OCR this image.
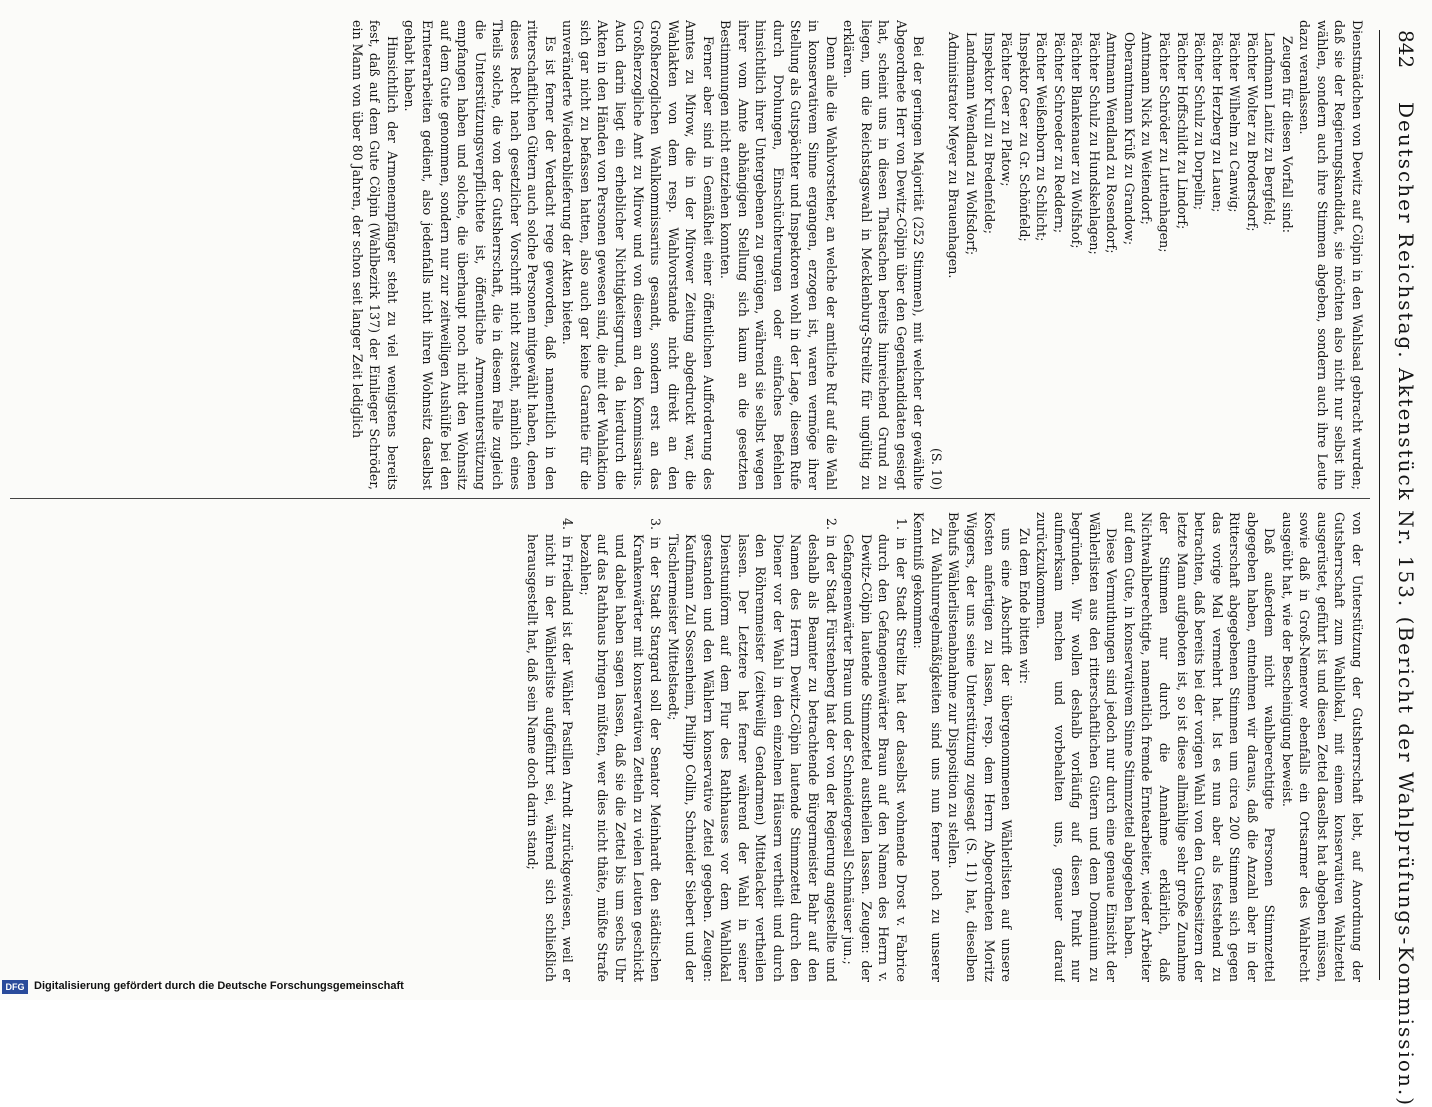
842
Deutscher Reichstag. Aktenstück Nr. 153. (Bericht der Wahlprüfungs-Kommission.)

Dienstmädchen von Dewitz auf Cölpin in den Wahlsaal gebracht wurden; daß sie der Regierungskandidat, sie möchten also nicht nur selbst ihn wählen, sondern auch ihre Stimmen abgeben, sondern auch ihre Leute dazu veranlassen.

Zeugen für diesen Vorfall sind:

Landmann Lanitz zu Bergfeld;

Pächter Wolter zu Brodersdorf;

Pächter Wilhelm zu Canwig;

Pächter Herzberg zu Lauen;

Pächter Schulz zu Dorpelin;

Pächter Hoffschildt zu Lindorf;

Pächter Schröder zu Luttenhagen;

Amtmann Nick zu Weitendorf;

Oberamtmann Krüß zu Grandow;

Amtmann Wendland zu Rosendorf;

Pächter Schulz zu Hundskehlagen;

Pächter Blankenauer zu Wolfshof;

Pächter Schroeder zu Reddern;

Pächter Weißenborn zu Schlicht;

Inspektor Geer zu Gr. Schönfeld;

Pächter Geer zu Platow;

Inspektor Krull zu Bredenfelde;

Landmann Wendland zu Wolfsdorf;

Administrator Meyer zu Brauenhagen.

(S. 10)

Bei der geringen Majorität (252 Stimmen), mit welcher der gewählte Abgeordnete Herr von Dewitz-Cölpin über den Gegenkandidaten gesiegt hat, scheint uns in diesen Thatsachen bereits hinreichend Grund zu liegen, um die Reichstagswahl in Mecklenburg-Strelitz für ungültig zu erklären.

Denn alle die Wahlvorsteher, an welche der amtliche Ruf auf die Wahl in konservativem Sinne ergangen, erzogen ist, waren vermöge ihrer Stellung als Gutspächter und Inspektoren wohl in der Lage, diesem Rufe durch Drohungen, Einschüchterungen oder einfaches Befehlen hinsichtlich ihrer Untergebenen zu genügen, während sie selbst wegen ihrer vom Amte abhängigen Stellung sich kaum an die gesetzten Bestimmungen nicht entziehen konnten.

Ferner aber sind in Gemäßheit einer öffentlichen Aufforderung des Amtes zu Mirow, die in der Mirower Zeitung abgedruckt war, die Wahlakten von dem resp. Wahlvorstande nicht direkt an den Großherzoglichen Wahlkommissarius gesandt, sondern erst an das Großherzogliche Amt zu Mirow und von diesem an den Kommissarius. Auch darin liegt ein erheblicher Nichtigkeitsgrund, da hierdurch die Akten in den Händen von Personen gewesen sind, die mit der Wahlaktion sich gar nicht zu befassen hatten, also auch gar keine Garantie für die unveränderte Wiederablieferung der Akten bieten.

Es ist ferner der Verdacht rege geworden, daß namentlich in den ritterschaftlichen Gütern auch solche Personen mitgewählt haben, denen dieses Recht nach gesetzlicher Vorschrift nicht zusteht, nämlich eines Theils solche, die von der Gutsherrschaft, die in diesem Falle zugleich die Unterstützungsverpflichtete ist, öffentliche Armenunterstützung empfangen haben und solche, die überhaupt noch nicht den Wohnsitz auf dem Gute genommen, sondern nur zur zeitweiligen Aushülfe bei den Ernteerarbeiten gedient, also jedenfalls nicht ihren Wohnsitz daselbst gehabt haben.

Hinsichtlich der Armenempfänger steht zu viel wenigstens bereits fest, daß auf dem Gute Cölpin (Wahlbezirk 137) der Einlieger Schröder, ein Mann von über 80 Jahren, der schon seit langer Zeit lediglich

von der Unterstützung der Gutsherrschaft lebt, auf Anordnung der Gutsherrschaft zum Wahllokal, mit einem konservativen Wahlzettel ausgerüstet, geführt ist und diesen Zettel daselbst hat abgeben müssen, sowie daß in Groß-Nemerow ebenfalls ein Ortsarmer des Wahlrecht ausgeübt hat, wie der Bescheinigung beweist.

Daß außerdem nicht wahlberechtigte Personen Stimmzettel abgegeben haben, entnehmen wir daraus, daß die Anzahl aber in der Ritterschaft abgegebenen Stimmen um circa 200 Stimmen sich gegen das vorige Mal vermehrt hat. Ist es nun aber als feststehend zu betrachten, daß bereits bei der vorigen Wahl von den Gutsbesitzern der letzte Mann aufgeboten ist, so ist diese allmählige sehr große Zunahme der Stimmen nur durch die Annahme erklärlich, daß Nichtwahlberechtigte, namentlich fremde Erntearbeiter, wieder Arbeiter auf dem Gute, in konservativem Sinne Stimmzettel abgegeben haben.

Diese Vermuthungen sind jedoch nur durch eine genaue Einsicht der Wählerlisten aus den ritterschaftlichen Gütern und dem Domanium zu begründen. Wir wollen deshalb vorläufig auf diesen Punkt nur aufmerksam machen und vorbehalten uns, genauer darauf zurückzukommen.

Zu dem Ende bitten wir:

uns eine Abschrift der übergenommenen Wählerlisten auf unsere Kosten anfertigen zu lassen, resp. dem Herrn Abgeordneten Moritz Wiggers, der uns seine Unterstützung zugesagt (S. 11) hat, dieselben Behufs Wählerlistenabnahme zur Disposition zu stellen.

Zu Wahlunregelmäßigkeiten sind uns nun ferner noch zu unserer Kenntniß gekommen:

1. in der Stadt Strelitz hat der daselbst wohnende Drost v. Fabrice durch den Gefangenenwärter Braun auf den Namen des Herrn v. Dewitz-Cölpin lautende Stimmzettel austheilen lassen. Zeugen: der Gefangenenwärter Braun und der Schneidergesell Schmäuser jun.;
2. in der Stadt Fürstenberg hat der von der Regierung angestellte und deshalb als Beamter zu betrachtende Bürgermeister Bahr auf den Namen des Herrn Dewitz-Cölpin lautende Stimmzettel durch den Diener vor der Wahl in den einzelnen Häusern vertheilt und durch den Röhrenmeister (zeitweilig Gendarmen) Mittelacker vertheilen lassen. Der Letztere hat ferner während der Wahl in seiner Dienstuniform auf dem Flur des Rathhauses vor dem Wahllokal gestanden und den Wählern konservative Zettel gegeben. Zeugen: Kaufmann Zul Sossenheim, Philipp Collin, Schneider Siebert und der Tischlermeister Mittelstaedt;
3. in der Stadt Stargard soll der Senator Meinhardt den städtischen Krankenwärter mit konservativen Zetteln zu vielen Leuten geschickt und dabei haben sagen lassen, daß sie die Zettel bis um sechs Uhr auf das Rathhaus bringen müßten, wer dies nicht thäte, müßte Strafe bezahlen;
4. in Friedland ist der Wähler Pastillen Arndt zurückgewiesen, weil er nicht in der Wählerliste aufgeführt sei, während sich schließlich herausgestellt hat, daß sein Name doch darin stand;
DFG Digitalisierung gefördert durch die Deutsche Forschungsgemeinschaft
